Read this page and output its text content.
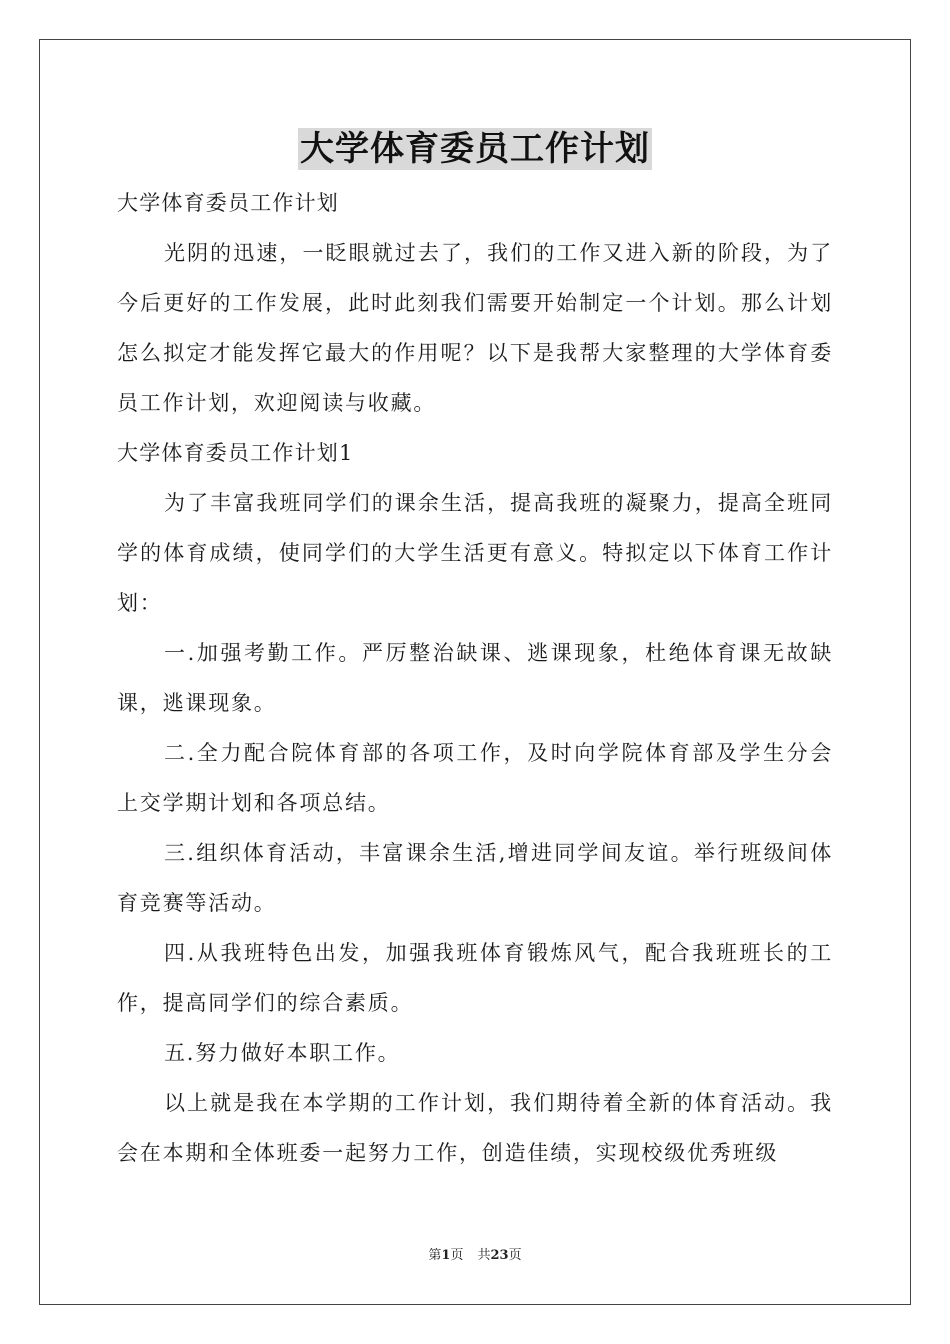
大学体育委员工作计划

大学体育委员工作计划

光阴的迅速，一眨眼就过去了，我们的工作又进入新的阶段，为了今后更好的工作发展，此时此刻我们需要开始制定一个计划。那么计划怎么拟定才能发挥它最大的作用呢？以下是我帮大家整理的大学体育委员工作计划，欢迎阅读与收藏。

大学体育委员工作计划1

为了丰富我班同学们的课余生活，提高我班的凝聚力，提高全班同学的体育成绩，使同学们的大学生活更有意义。特拟定以下体育工作计划：

一.加强考勤工作。严厉整治缺课、逃课现象，杜绝体育课无故缺课，逃课现象。

二.全力配合院体育部的各项工作，及时向学院体育部及学生分会上交学期计划和各项总结。

三.组织体育活动，丰富课余生活,增进同学间友谊。举行班级间体育竞赛等活动。

四.从我班特色出发，加强我班体育锻炼风气，配合我班班长的工作，提高同学们的综合素质。

五.努力做好本职工作。

以上就是我在本学期的工作计划，我们期待着全新的体育活动。我会在本期和全体班委一起努力工作，创造佳绩，实现校级优秀班级

第1页 共23页
